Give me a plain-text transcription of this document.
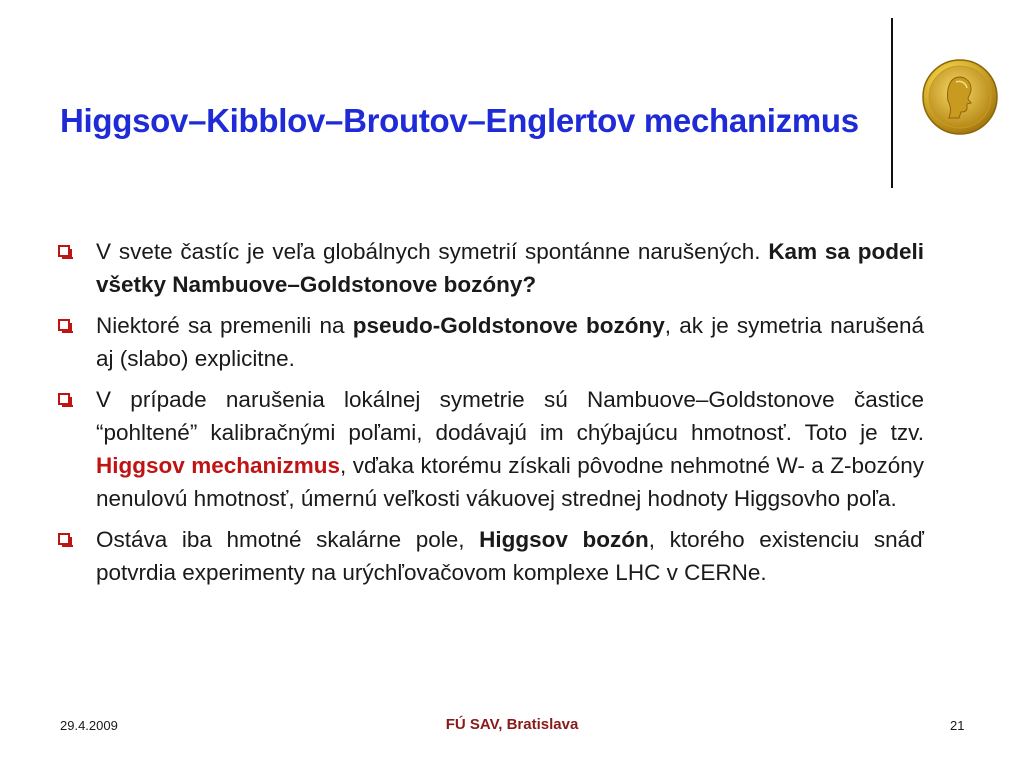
Higgsov–Kibblov–Broutov–Englertov mechanizmus
V svete častíc je veľa globálnych symetrií spontánne narušených. Kam sa podeli všetky Nambuove–Goldstonove bozóny?
Niektoré sa premenili na pseudo-Goldstonove bozóny, ak je symetria narušená aj (slabo) explicitne.
V prípade narušenia lokálnej symetrie sú Nambuove–Goldstonove častice “pohltené” kalibračnými poľami, dodávajú im chýbajúcu hmotnosť. Toto je tzv. Higgsov mechanizmus, vďaka ktorému získali pôvodne nehmotné W- a Z-bozóny nenulovú hmotnosť, úmernú veľkosti vákuovej strednej hodnoty Higgsovho poľa.
Ostáva iba hmotné skalárne pole, Higgsov bozón, ktorého existenciu snáď potvrdia experimenty na urýchľovačovom komplexe LHC v CERNe.
29.4.2009	FÚ SAV, Bratislava	21
